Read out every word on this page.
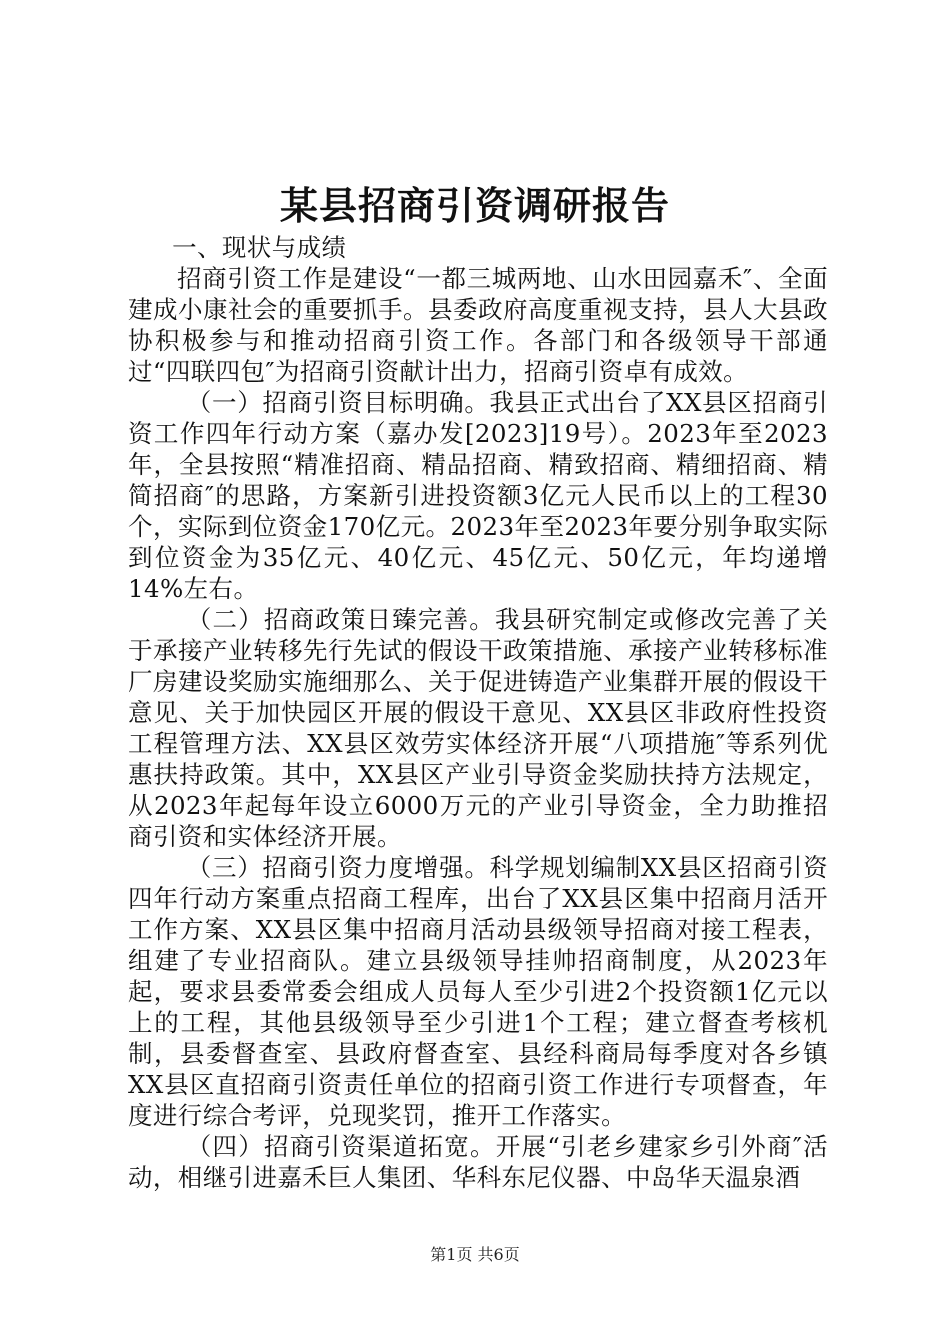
某县招商引资调研报告

一、现状与成绩

招商引资工作是建设“一都三城两地、山水田园嘉禾″、全面建成小康社会的重要抓手。县委政府高度重视支持，县人大县政协积极参与和推动招商引资工作。各部门和各级领导干部通过“四联四包″为招商引资献计出力，招商引资卓有成效。

（一）招商引资目标明确。我县正式出台了XX县区招商引资工作四年行动方案（嘉办发[2023]19号）。2023年至2023年，全县按照“精准招商、精品招商、精致招商、精细招商、精简招商″的思路，方案新引进投资额3亿元人民币以上的工程30个，实际到位资金170亿元。2023年至2023年要分别争取实际到位资金为35亿元、40亿元、45亿元、50亿元，年均递增14%左右。

（二）招商政策日臻完善。我县研究制定或修改完善了关于承接产业转移先行先试的假设干政策措施、承接产业转移标准厂房建设奖励实施细那么、关于促进铸造产业集群开展的假设干意见、关于加快园区开展的假设干意见、XX县区非政府性投资工程管理方法、XX县区效劳实体经济开展“八项措施″等系列优惠扶持政策。其中，XX县区产业引导资金奖励扶持方法规定，从2023年起每年设立6000万元的产业引导资金，全力助推招商引资和实体经济开展。

（三）招商引资力度增强。科学规划编制XX县区招商引资四年行动方案重点招商工程库，出台了XX县区集中招商月活开工作方案、XX县区集中招商月活动县级领导招商对接工程表，组建了专业招商队。建立县级领导挂帅招商制度，从2023年起，要求县委常委会组成人员每人至少引进2个投资额1亿元以上的工程，其他县级领导至少引进1个工程；建立督查考核机制，县委督查室、县政府督查室、县经科商局每季度对各乡镇XX县区直招商引资责任单位的招商引资工作进行专项督查，年度进行综合考评，兑现奖罚，推开工作落实。

（四）招商引资渠道拓宽。开展“引老乡建家乡引外商″活动，相继引进嘉禾巨人集团、华科东尼仪器、中岛华天温泉酒

第1页 共6页
